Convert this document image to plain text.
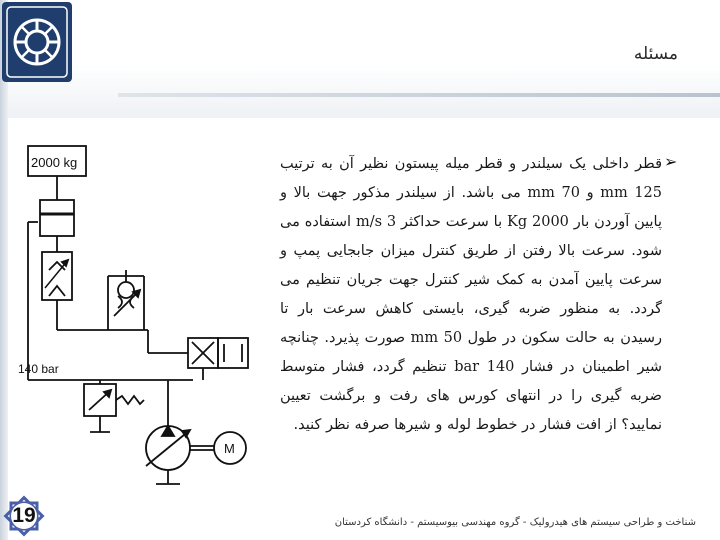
مسئله
2000 kg
140 bar
M
➢
قطر داخلی یک سیلندر و قطر میله پیستون نظیر آن به ترتیب 125 mm و 70 mm می باشد. از سیلندر مذکور جهت بالا و پایین آوردن بار 2000 Kg با سرعت حداکثر 3 m/s استفاده می شود. سرعت بالا رفتن از طریق کنترل میزان جابجایی پمپ و سرعت پایین آمدن به کمک شیر کنترل جهت جریان تنظیم می گردد. به منظور ضربه گیری، بایستی کاهش سرعت بار تا رسیدن به حالت سکون در طول 50 mm صورت پذیرد. چنانچه شیر اطمینان در فشار 140 bar تنظیم گردد، فشار متوسط ضربه گیری را در انتهای کورس های رفت و برگشت تعیین نمایید؟ از افت فشار در خطوط لوله و شیرها صرفه نظر کنید.
19	شناخت و طراحی سیستم های هیدرولیک - گروه مهندسی بیوسیستم - دانشگاه کردستان
